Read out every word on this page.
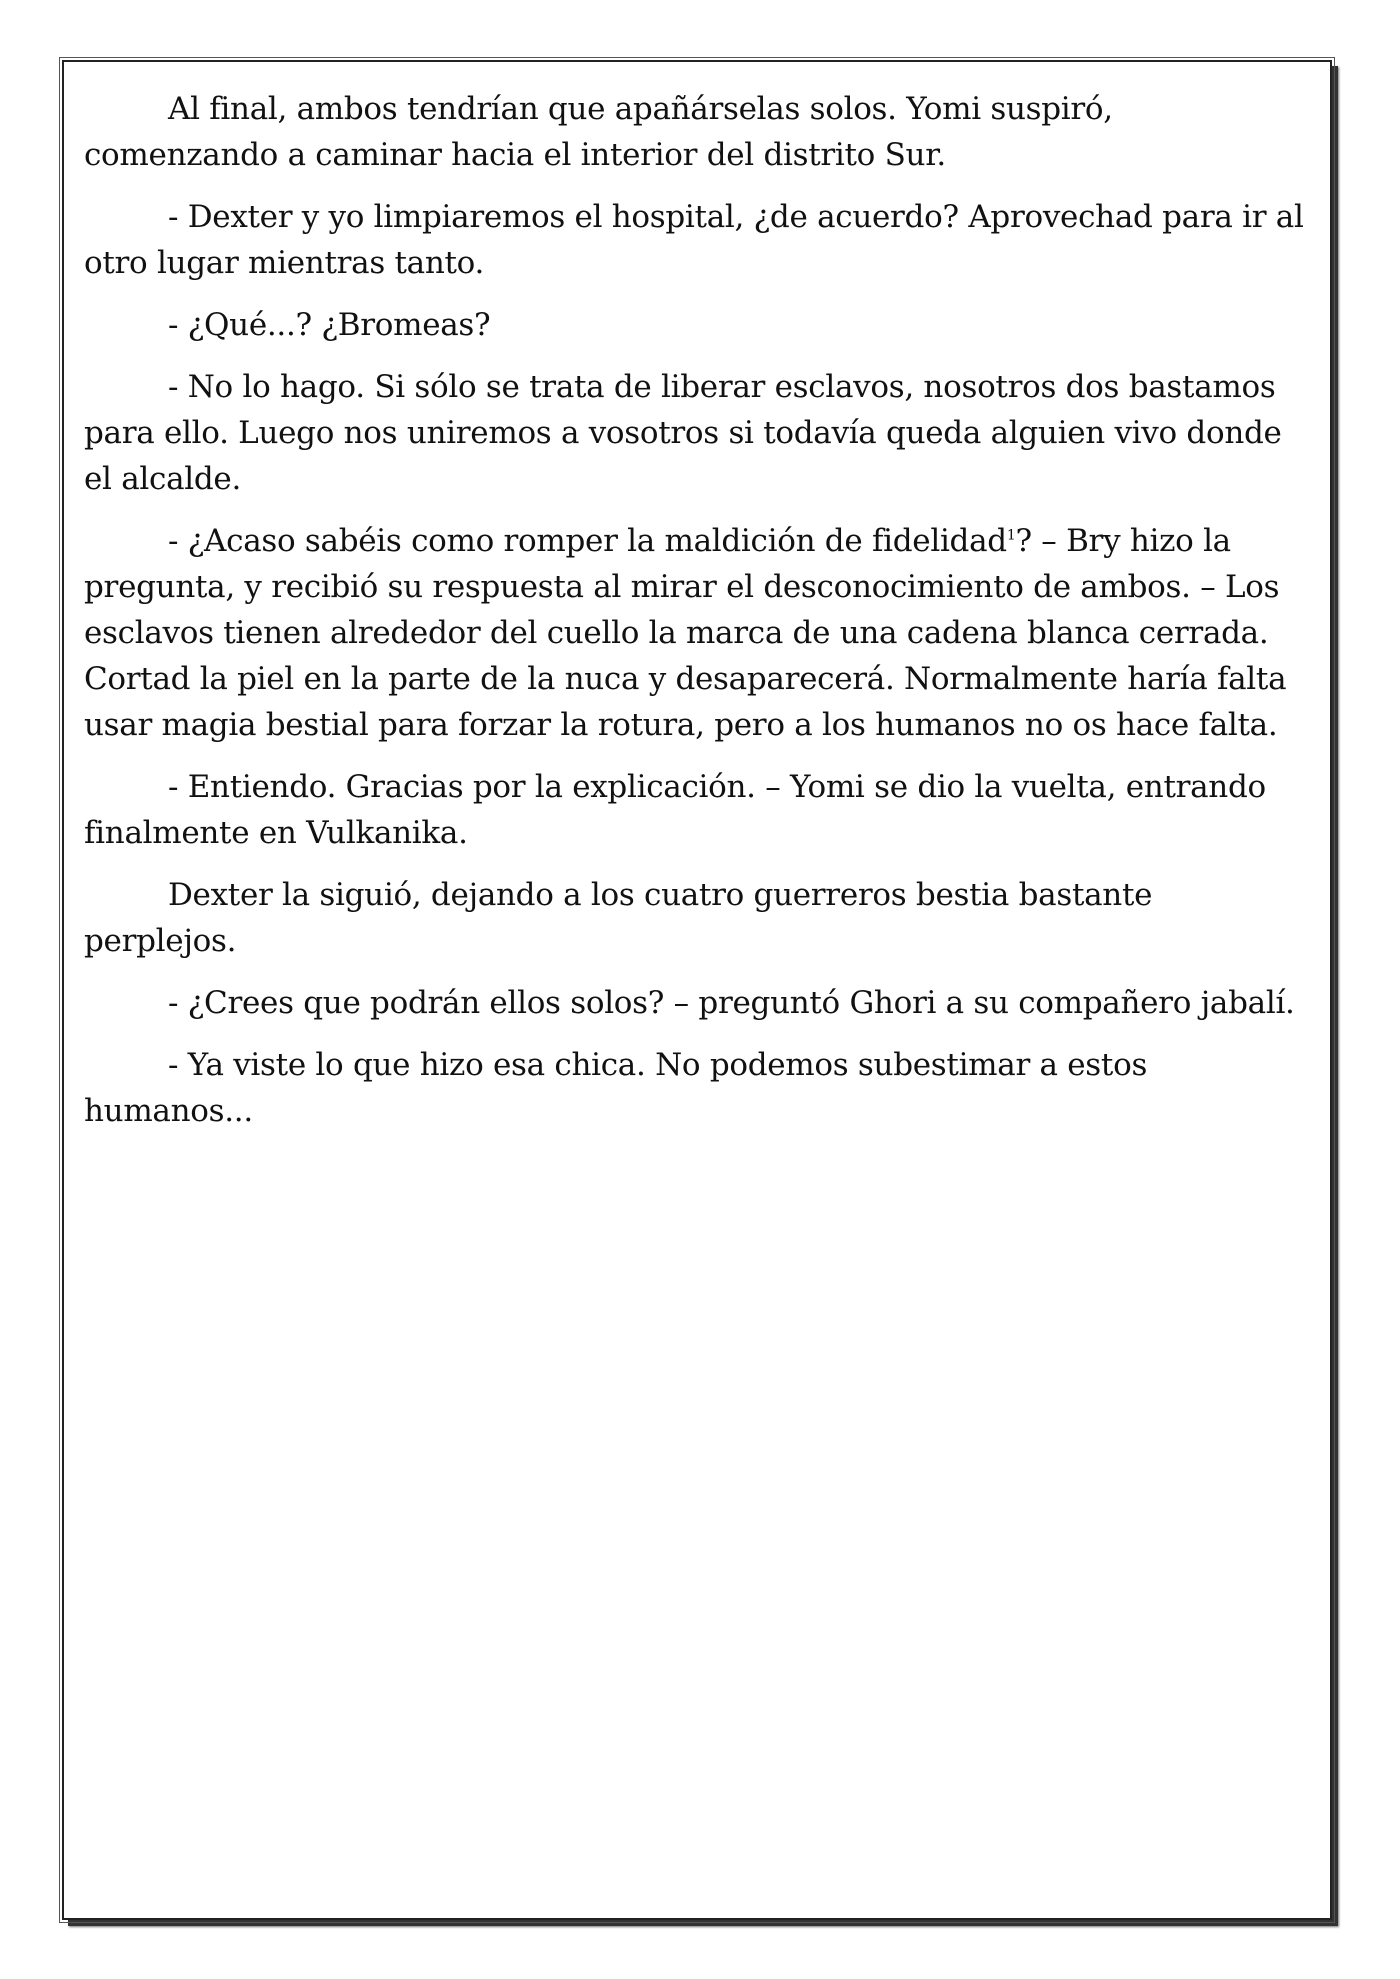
Al final, ambos tendrían que apañárselas solos. Yomi suspiró, comenzando a caminar hacia el interior del distrito Sur.

- Dexter y yo limpiaremos el hospital, ¿de acuerdo? Aprovechad para ir al otro lugar mientras tanto.

- ¿Qué...? ¿Bromeas?

- No lo hago. Si sólo se trata de liberar esclavos, nosotros dos bastamos para ello. Luego nos uniremos a vosotros si todavía queda alguien vivo donde el alcalde.

- ¿Acaso sabéis como romper la maldición de fidelidad$^1$? – Bry hizo la pregunta, y recibió su respuesta al mirar el desconocimiento de ambos. – Los esclavos tienen alrededor del cuello la marca de una cadena blanca cerrada. Cortad la piel en la parte de la nuca y desaparecerá. Normalmente haría falta usar magia bestial para forzar la rotura, pero a los humanos no os hace falta.

- Entiendo. Gracias por la explicación. – Yomi se dio la vuelta, entrando finalmente en Vulkanika.

Dexter la siguió, dejando a los cuatro guerreros bestia bastante perplejos.

- ¿Crees que podrán ellos solos? – preguntó Ghori a su compañero jabalí.

- Ya viste lo que hizo esa chica. No podemos subestimar a estos humanos...
